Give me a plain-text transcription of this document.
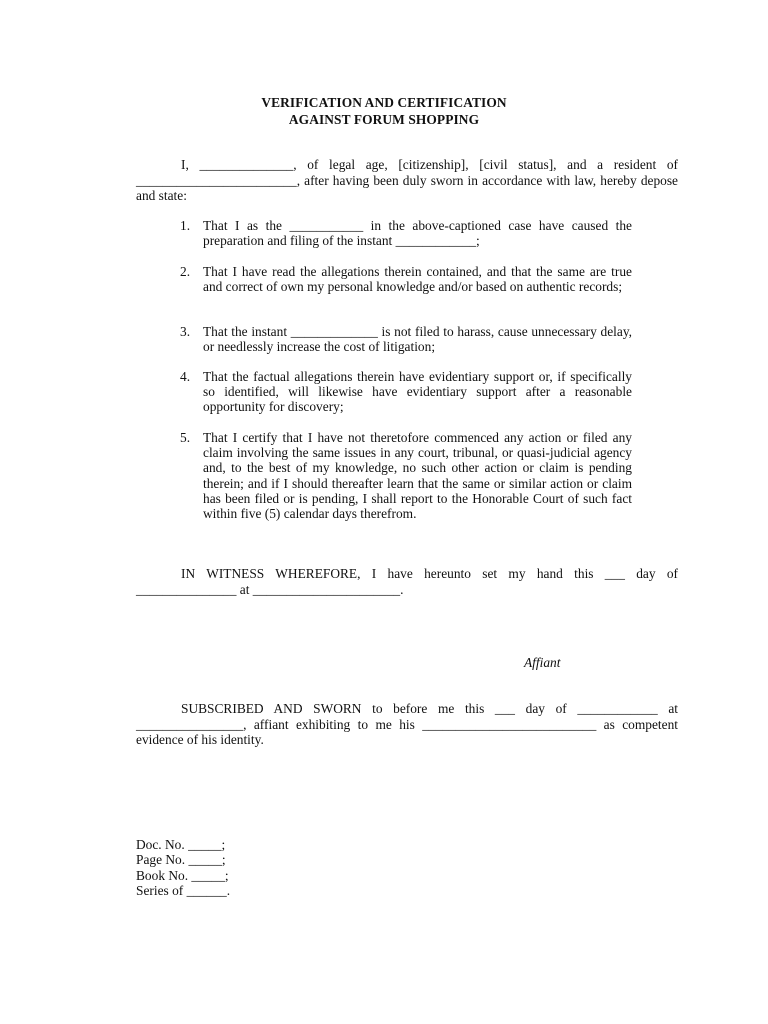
VERIFICATION AND CERTIFICATION
AGAINST FORUM SHOPPING
I, ______________, of legal age, [citizenship], [civil status], and a resident of ________________________, after having been duly sworn in accordance with law, hereby depose and state:
1. That I as the ___________ in the above-captioned case have caused the preparation and filing of the instant ____________;
2. That I have read the allegations therein contained, and that the same are true and correct of own my personal knowledge and/or based on authentic records;
3. That the instant _____________ is not filed to harass, cause unnecessary delay, or needlessly increase the cost of litigation;
4. That the factual allegations therein have evidentiary support or, if specifically so identified, will likewise have evidentiary support after a reasonable opportunity for discovery;
5. That I certify that I have not theretofore commenced any action or filed any claim involving the same issues in any court, tribunal, or quasi-judicial agency and, to the best of my knowledge, no such other action or claim is pending therein; and if I should thereafter learn that the same or similar action or claim has been filed or is pending, I shall report to the Honorable Court of such fact within five (5) calendar days therefrom.
IN WITNESS WHEREFORE, I have hereunto set my hand this ___ day of _______________ at ______________________.
Affiant
SUBSCRIBED AND SWORN to before me this ___ day of ____________ at ________________, affiant exhibiting to me his __________________________ as competent evidence of his identity.
Doc. No. _____;
Page No. _____;
Book No. _____;
Series of ______.
